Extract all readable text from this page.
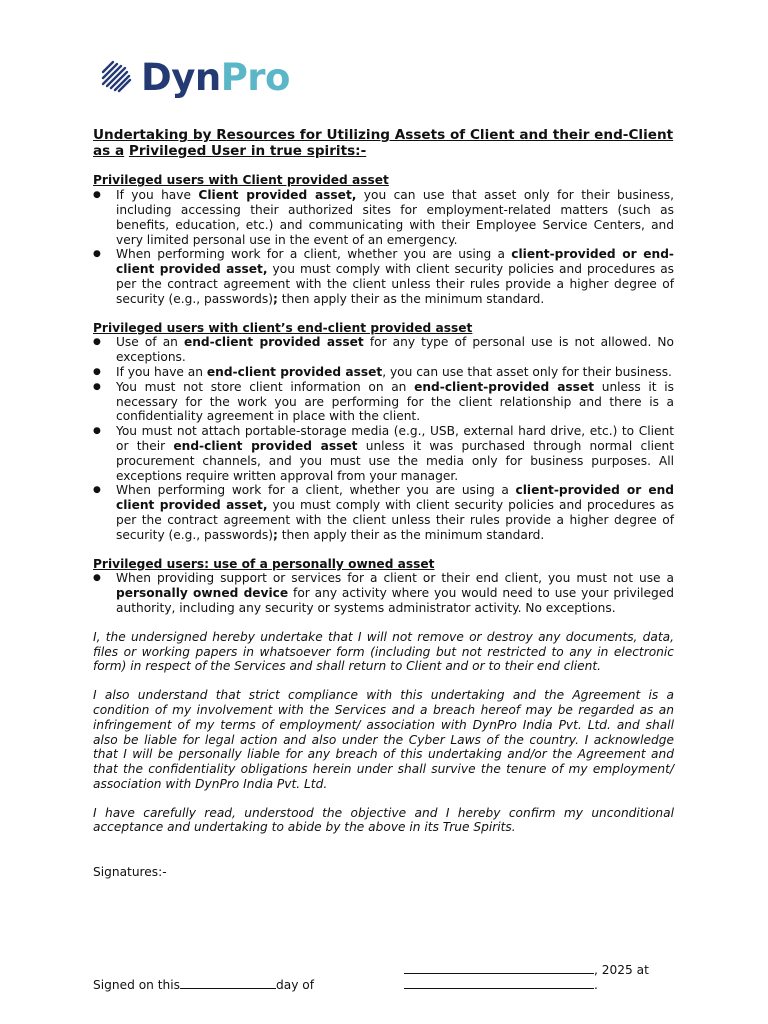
DynPro
Undertaking by Resources for Utilizing Assets of Client and their end-Client as a Privileged User in true spirits:-
Privileged users with Client provided asset
● If you have Client provided asset, you can use that asset only for their business, including accessing their authorized sites for employment-related matters (such as benefits, education, etc.) and communicating with their Employee Service Centers, and very limited personal use in the event of an emergency.
● When performing work for a client, whether you are using a client-provided or end-client provided asset, you must comply with client security policies and procedures as per the contract agreement with the client unless their rules provide a higher degree of security (e.g., passwords); then apply their as the minimum standard.
Privileged users with client’s end-client provided asset
● Use of an end-client provided asset for any type of personal use is not allowed. No exceptions.
● If you have an end-client provided asset, you can use that asset only for their business.
● You must not store client information on an end-client-provided asset unless it is necessary for the work you are performing for the client relationship and there is a confidentiality agreement in place with the client.
● You must not attach portable-storage media (e.g., USB, external hard drive, etc.) to Client or their end-client provided asset unless it was purchased through normal client procurement channels, and you must use the media only for business purposes. All exceptions require written approval from your manager.
● When performing work for a client, whether you are using a client-provided or end client provided asset, you must comply with client security policies and procedures as per the contract agreement with the client unless their rules provide a higher degree of security (e.g., passwords); then apply their as the minimum standard.
Privileged users: use of a personally owned asset
● When providing support or services for a client or their end client, you must not use a personally owned device for any activity where you would need to use your privileged authority, including any security or systems administrator activity. No exceptions.

I, the undersigned hereby undertake that I will not remove or destroy any documents, data, files or working papers in whatsoever form (including but not restricted to any in electronic form) in respect of the Services and shall return to Client and or to their end client.

I also understand that strict compliance with this undertaking and the Agreement is a condition of my involvement with the Services and a breach hereof may be regarded as an infringement of my terms of employment/ association with DynPro India Pvt. Ltd. and shall also be liable for legal action and also under the Cyber Laws of the country. I acknowledge that I will be personally liable for any breach of this undertaking and/or the Agreement and that the confidentiality obligations herein under shall survive the tenure of my employment/ association with DynPro India Pvt. Ltd.

I have carefully read, understood the objective and I hereby confirm my unconditional acceptance and undertaking to abide by the above in its True Spirits.

Signatures:-
, 2025 at
Signed on this	day of	.
